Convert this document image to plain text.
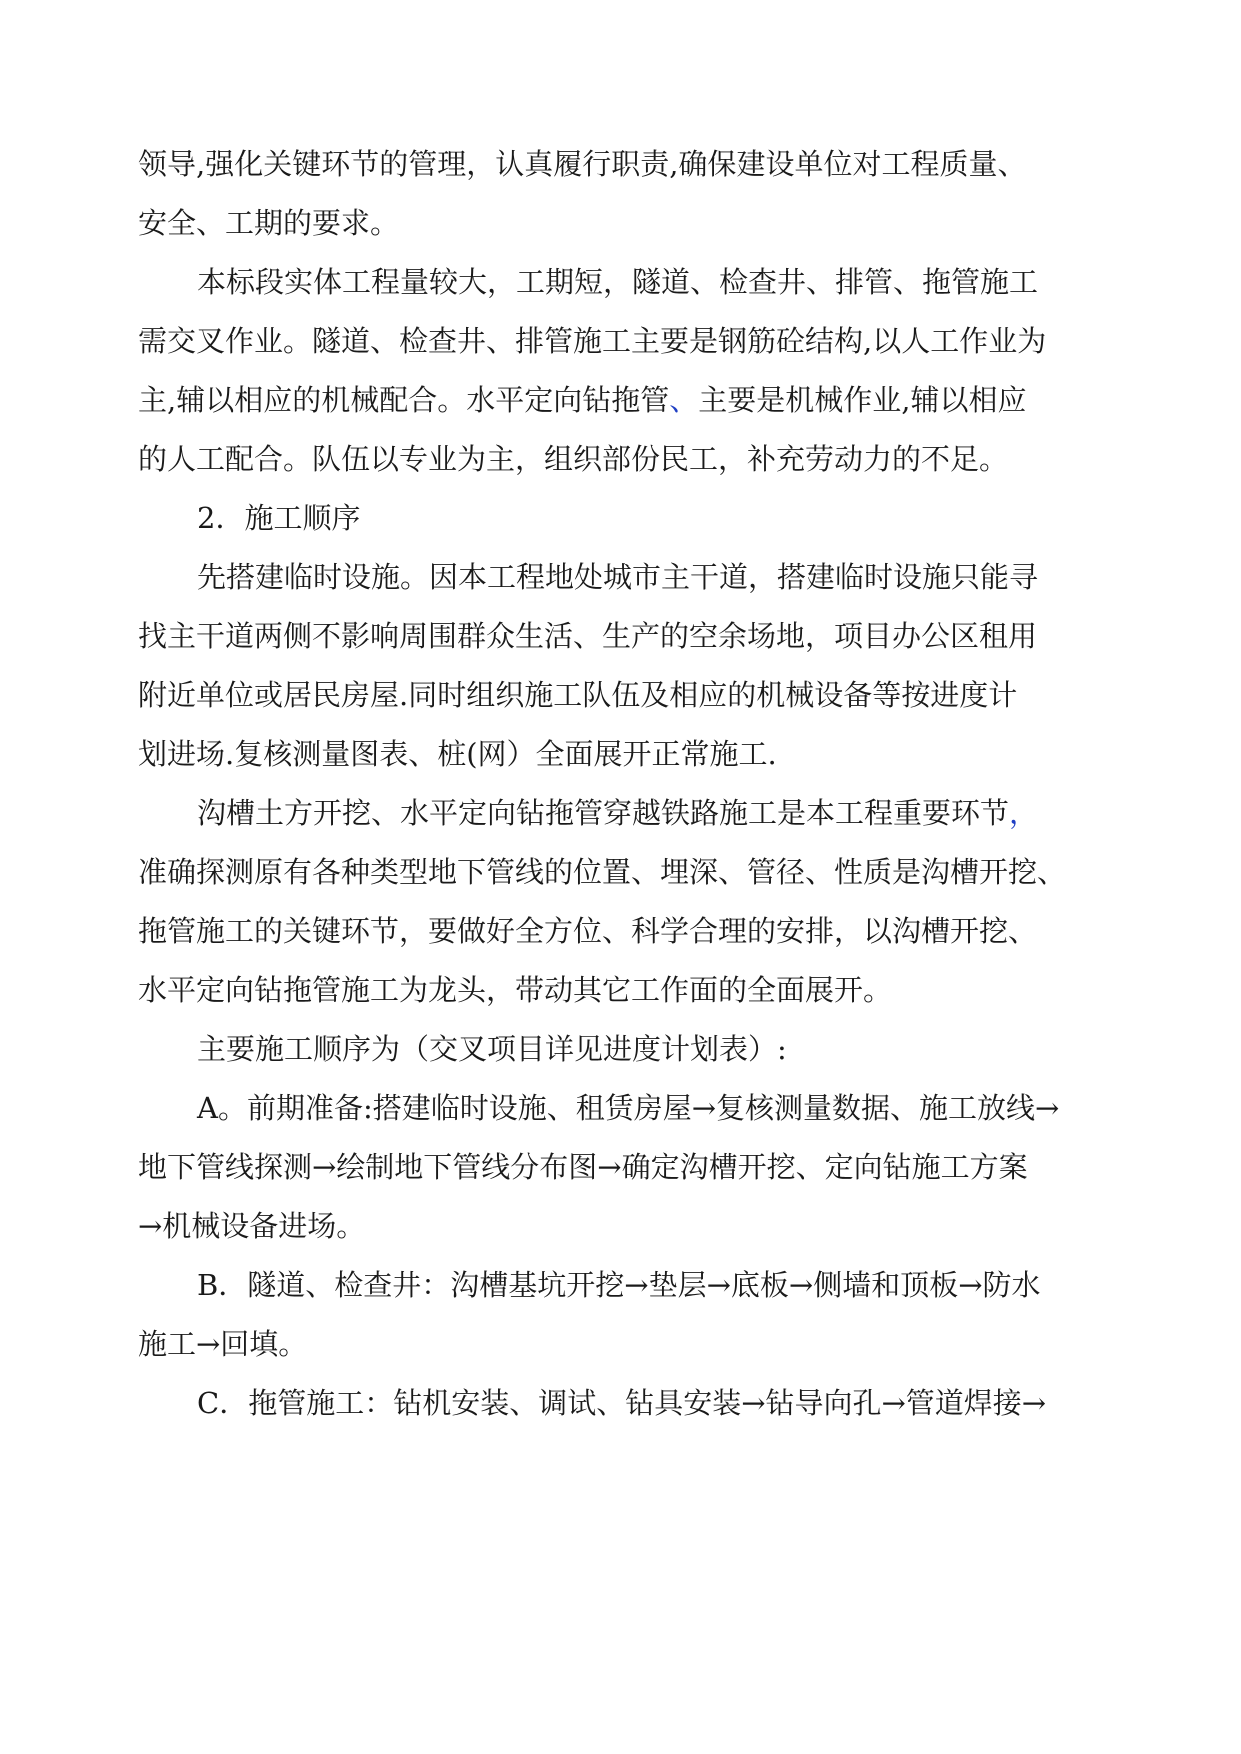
领导,强化关键环节的管理，认真履行职责,确保建设单位对工程质量、

安全、工期的要求。

本标段实体工程量较大，工期短，隧道、检查井、排管、拖管施工

需交叉作业。隧道、检查井、排管施工主要是钢筋砼结构,以人工作业为

主,辅以相应的机械配合。水平定向钻拖管、主要是机械作业,辅以相应

的人工配合。队伍以专业为主，组织部份民工，补充劳动力的不足。

2．施工顺序

先搭建临时设施。因本工程地处城市主干道，搭建临时设施只能寻

找主干道两侧不影响周围群众生活、生产的空余场地，项目办公区租用

附近单位或居民房屋.同时组织施工队伍及相应的机械设备等按进度计

划进场.复核测量图表、桩(网）全面展开正常施工.

沟槽土方开挖、水平定向钻拖管穿越铁路施工是本工程重要环节，

准确探测原有各种类型地下管线的位置、埋深、管径、性质是沟槽开挖、

拖管施工的关键环节，要做好全方位、科学合理的安排，以沟槽开挖、

水平定向钻拖管施工为龙头，带动其它工作面的全面展开。

主要施工顺序为（交叉项目详见进度计划表）:

A。前期准备:搭建临时设施、租赁房屋→复核测量数据、施工放线→

地下管线探测→绘制地下管线分布图→确定沟槽开挖、定向钻施工方案

→机械设备进场。

B．隧道、检查井：沟槽基坑开挖→垫层→底板→侧墙和顶板→防水

施工→回填。

C．拖管施工：钻机安装、调试、钻具安装→钻导向孔→管道焊接→
